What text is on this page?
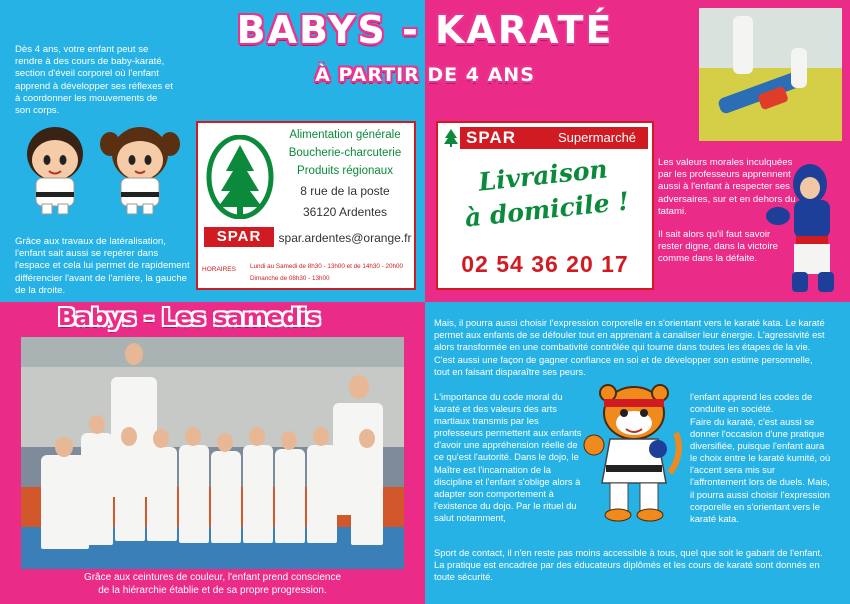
BABYS - KARATÉ
À PARTIR DE 4 ANS
Dès 4 ans, votre enfant peut se rendre à des cours de baby-karaté, section d'éveil corporel où l'enfant apprend à développer ses réflexes et à coordonner les mouvements de son corps.
Grâce aux travaux de latéralisation, l'enfant sait aussi se repérer dans l'espace et cela lui permet de rapidement différencier l'avant de l'arrière, la gauche de la droite.
SPAR
Alimentation générale
Boucherie-charcuterie
Produits régionaux
8 rue de la poste
36120 Ardentes
spar.ardentes@orange.fr
HORAIRES Lundi au Samedi de 8h30 - 13h00 et de 14h30 - 20h00
Dimanche de 08h30 - 13h00
SPAR	Supermarché
Livraison
à domicile !
02 54 36 20 17
Les valeurs morales inculquées par les professeurs apprennent aussi à l'enfant à respecter ses adversaires, sur et en dehors du tatami.
Il sait alors qu'il faut savoir rester digne, dans la victoire comme dans la défaite.
Babys - Les samedis
Grâce aux ceintures de couleur, l'enfant prend conscience
de la hiérarchie établie et de sa propre progression.
Mais, il pourra aussi choisir l'expression corporelle en s'orientant vers le karaté kata. Le karaté permet aux enfants de se défouler tout en apprenant à canaliser leur énergie. L'agressivité est alors transformée en une combativité contrôlée qui tourne dans toutes les étapes de la vie. C'est aussi une façon de gagner confiance en soi et de développer son estime personnelle, tout en faisant disparaître ses peurs.
L'importance du code moral du karaté et des valeurs des arts martiaux transmis par les professeurs permettent aux enfants d'avoir une appréhension réelle de ce qu'est l'autorité. Dans le dojo, le Maître est l'incarnation de la discipline et l'enfant s'oblige alors à adapter son comportement à l'existence du dojo. Par le rituel du salut notamment,
l'enfant apprend les codes de conduite en société.
Faire du karaté, c'est aussi se donner l'occasion d'une pratique diversifiée, puisque l'enfant aura le choix entre le karaté kumité, où l'accent sera mis sur l'affrontement lors de duels. Mais, il pourra aussi choisir l'expression corporelle en s'orientant vers le karaté kata.
Sport de contact, il n'en reste pas moins accessible à tous, quel que soit le gabarit de l'enfant. La pratique est encadrée par des éducateurs diplômés et les cours de karaté sont donnés en toute sécurité.
